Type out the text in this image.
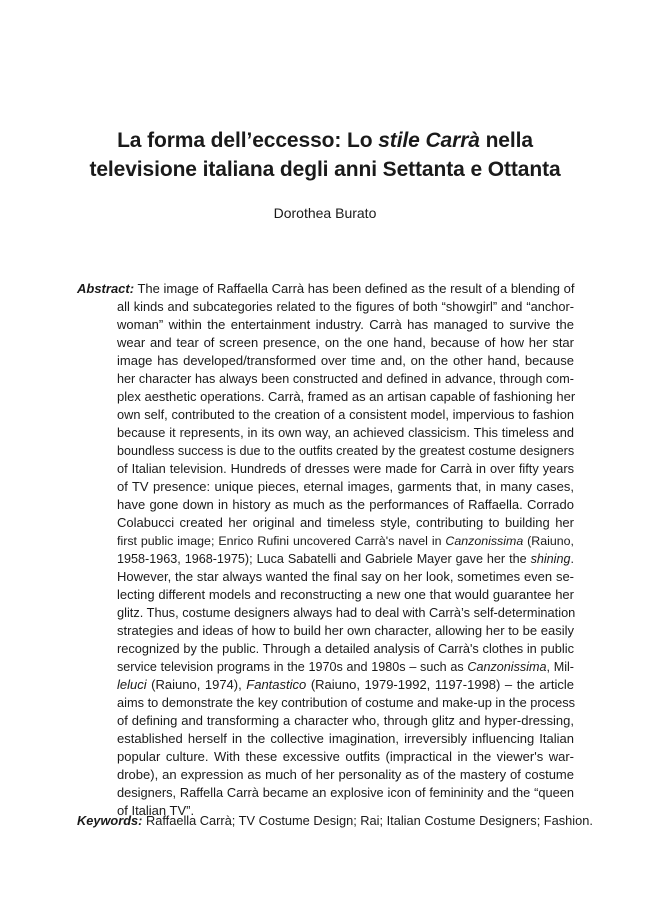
La forma dell’eccesso: Lo stile Carrà nella
televisione italiana degli anni Settanta e Ottanta
Dorothea Burato
Abstract: The image of Raffaella Carrà has been defined as the result of a blending of
all kinds and subcategories related to the figures of both “showgirl” and “anchor-
woman” within the entertainment industry. Carrà has managed to survive the
wear and tear of screen presence, on the one hand, because of how her star
image has developed/transformed over time and, on the other hand, because
her character has always been constructed and defined in advance, through com-
plex aesthetic operations. Carrà, framed as an artisan capable of fashioning her
own self, contributed to the creation of a consistent model, impervious to fashion
because it represents, in its own way, an achieved classicism. This timeless and
boundless success is due to the outfits created by the greatest costume designers
of Italian television. Hundreds of dresses were made for Carrà in over fifty years
of TV presence: unique pieces, eternal images, garments that, in many cases,
have gone down in history as much as the performances of Raffaella. Corrado
Colabucci created her original and timeless style, contributing to building her
first public image; Enrico Rufini uncovered Carrà's navel in Canzonissima (Raiuno,
1958-1963, 1968-1975); Luca Sabatelli and Gabriele Mayer gave her the shining.
However, the star always wanted the final say on her look, sometimes even se-
lecting different models and reconstructing a new one that would guarantee her
glitz. Thus, costume designers always had to deal with Carrà’s self-determination
strategies and ideas of how to build her own character, allowing her to be easily
recognized by the public. Through a detailed analysis of Carrà's clothes in public
service television programs in the 1970s and 1980s – such as Canzonissima, Mil-
leluci (Raiuno, 1974), Fantastico (Raiuno, 1979-1992, 1197-1998) – the article
aims to demonstrate the key contribution of costume and make-up in the process
of defining and transforming a character who, through glitz and hyper-dressing,
established herself in the collective imagination, irreversibly influencing Italian
popular culture. With these excessive outfits (impractical in the viewer's war-
drobe), an expression as much of her personality as of the mastery of costume
designers, Raffella Carrà became an explosive icon of femininity and the “queen
of Italian TV”.
Keywords: Raffaella Carrà; TV Costume Design; Rai; Italian Costume Designers; Fashion.
